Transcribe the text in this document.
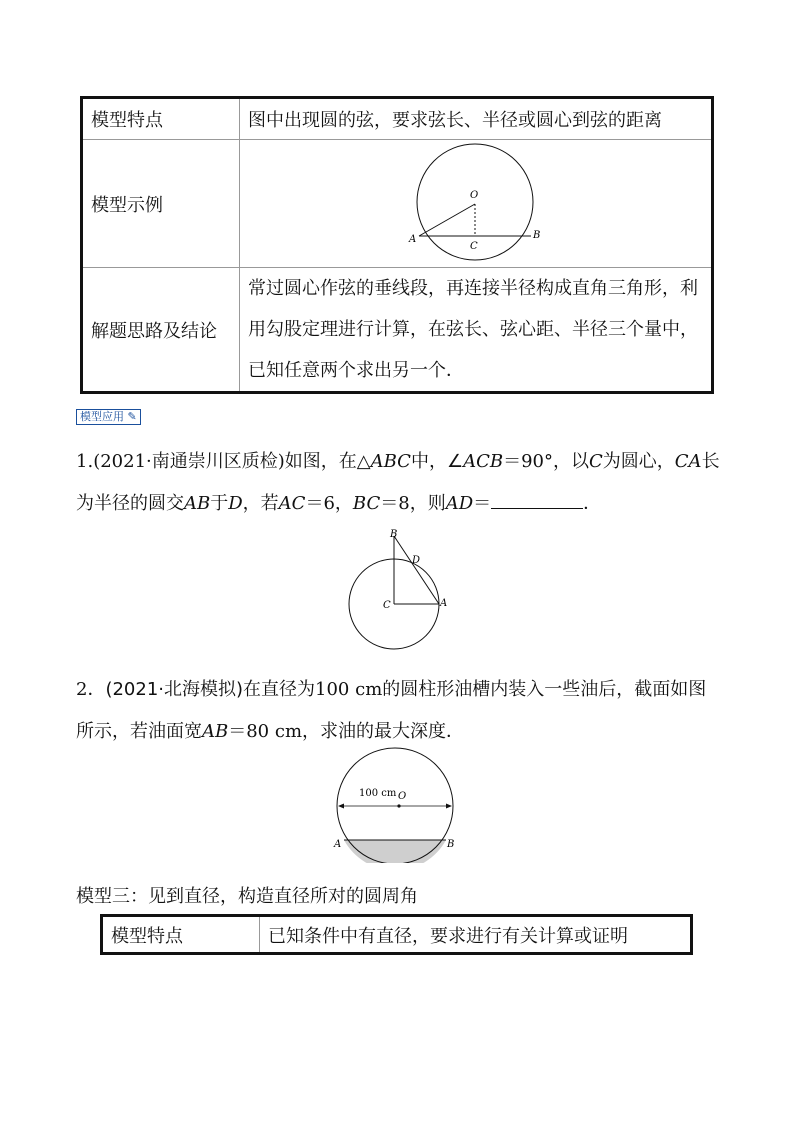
模型特点	图中出现圆的弦，要求弦长、半径或圆心到弦的距离
模型示例	O
A
C
B

解题思路及结论	常过圆心作弦的垂线段，再连接半径构成直角三角形，利
用勾股定理进行计算，在弦长、弦心距、半径三个量中，
已知任意两个求出另一个．
模型应用 ✎
1.(2021·南通崇川区质检)如图，在△ABC中，∠ACB＝90°，以C为圆心，CA长
为半径的圆交AB于D，若AC＝6，BC＝8，则AD＝	．
B
D
C	A
2．(2021·北海模拟)在直径为100 cm的圆柱形油槽内装入一些油后，截面如图
所示，若油面宽AB＝80 cm，求油的最大深度．
100 cm O
A	B
模型三：见到直径，构造直径所对的圆周角
模型特点	已知条件中有直径，要求进行有关计算或证明
